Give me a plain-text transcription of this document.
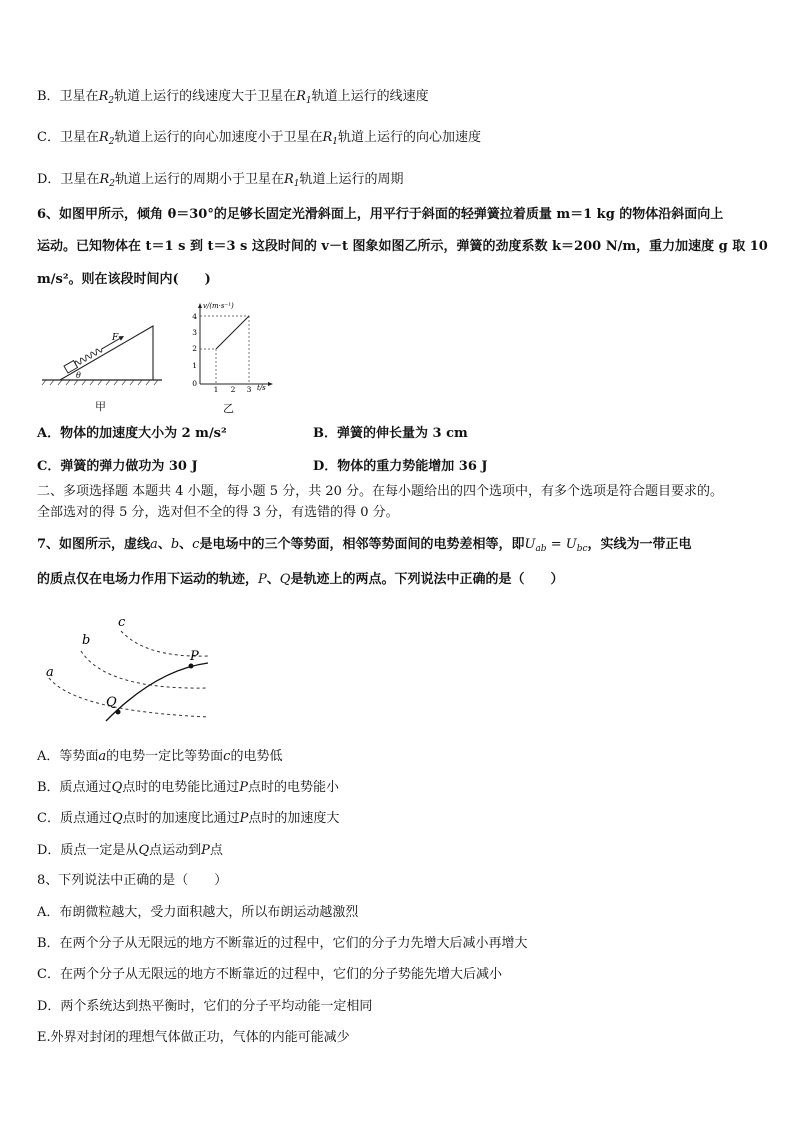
B．卫星在$R_2$轨道上运行的线速度大于卫星在$R_1$轨道上运行的线速度
C．卫星在$R_2$轨道上运行的向心加速度小于卫星在$R_1$轨道上运行的向心加速度
D．卫星在$R_2$轨道上运行的周期小于卫星在$R_1$轨道上运行的周期
6、如图甲所示，倾角 θ＝30°的足够长固定光滑斜面上，用平行于斜面的轻弹簧拉着质量 m＝1 kg 的物体沿斜面向上
运动。已知物体在 t＝1 s 到 t＝3 s 这段时间的 v－t 图象如图乙所示，弹簧的劲度系数 k＝200 N/m，重力加速度 g 取 10
m/s²。则在该段时间内(　　)
F
θ
甲
v/(m·s⁻¹)
t/s
4
3
2
1
0
1 2 3
乙
A．物体的加速度大小为 2 m/s²	B．弹簧的伸长量为 3 cm
C．弹簧的弹力做功为 30 J	D．物体的重力势能增加 36 J
二、多项选择题 本题共 4 小题，每小题 5 分，共 20 分。在每小题给出的四个选项中，有多个选项是符合题目要求的。
全部选对的得 5 分，选对但不全的得 3 分，有选错的得 0 分。
7、如图所示，虚线a、b、c是电场中的三个等势面，相邻等势面间的电势差相等，即$U_{ab} = U_{bc}$，实线为一带正电
的质点仅在电场力作用下运动的轨迹，P、Q是轨迹上的两点。下列说法中正确的是（　　）
a
b
c
P
Q
A．等势面a的电势一定比等势面c的电势低
B．质点通过Q点时的电势能比通过P点时的电势能小
C．质点通过Q点时的加速度比通过P点时的加速度大
D．质点一定是从Q点运动到P点
8、下列说法中正确的是（　　）
A．布朗微粒越大，受力面积越大，所以布朗运动越激烈
B．在两个分子从无限远的地方不断靠近的过程中，它们的分子力先增大后减小再增大
C．在两个分子从无限远的地方不断靠近的过程中，它们的分子势能先增大后减小
D．两个系统达到热平衡时，它们的分子平均动能一定相同
E.外界对封闭的理想气体做正功，气体的内能可能减少
